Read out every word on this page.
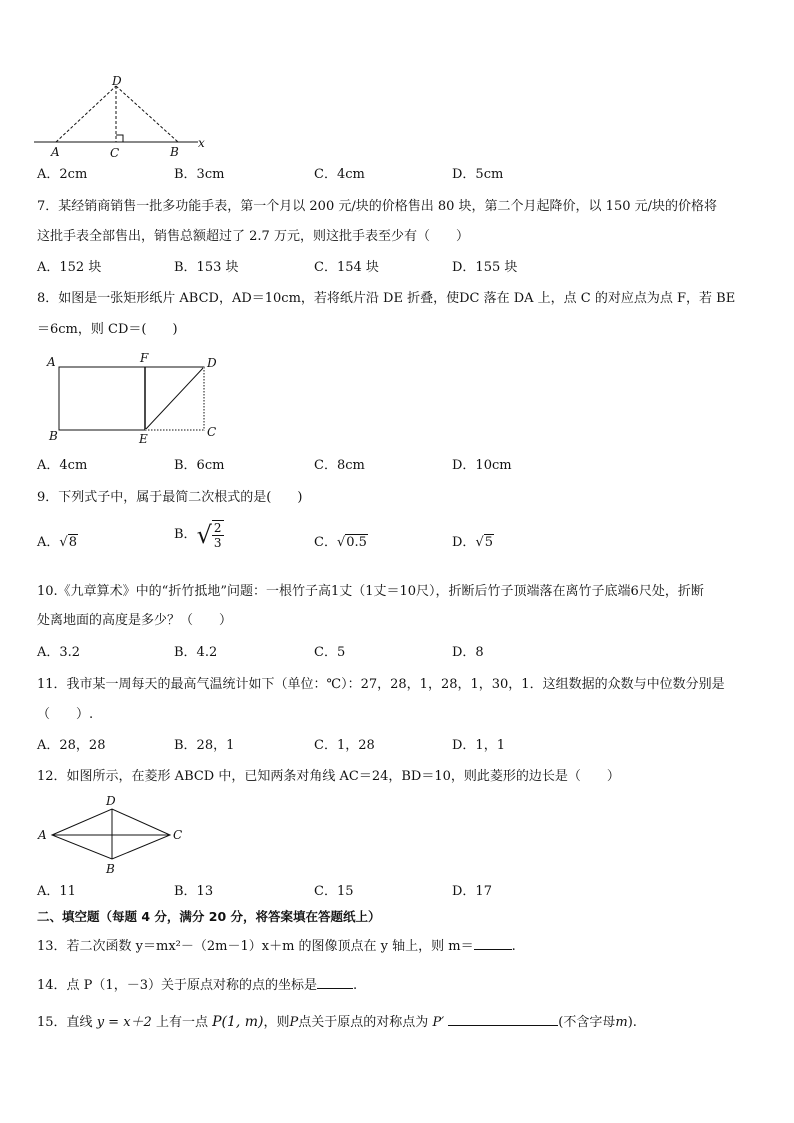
D
A	C	B
x
A．2cm	B．3cm	C．4cm	D．5cm
7．某经销商销售一批多功能手表，第一个月以 200 元/块的价格售出 80 块，第二个月起降价，以 150 元/块的价格将
这批手表全部售出，销售总额超过了 2.7 万元，则这批手表至少有（　　）
A．152 块	B．153 块	C．154 块	D．155 块
8．如图是一张矩形纸片 ABCD，AD＝10cm，若将纸片沿 DE 折叠，使DC 落在 DA 上，点 C 的对应点为点 F，若 BE
＝6cm，则 CD＝(　　)
A	F	D
B	E	C
A．4cm	B．6cm	C．8cm	D．10cm
9．下列式子中，属于最简二次根式的是(　　)
A．√8
B．√ $\frac{2}{3}$	C．√0.5	D．√5
10.《九章算术》中的“折竹抵地”问题：一根竹子高1丈（1丈＝10尺），折断后竹子顶端落在离竹子底端6尺处，折断
处离地面的高度是多少？（　　）
A．3.2	B．4.2	C．5	D．8
11．我市某一周每天的最高气温统计如下（单位：℃）：27，28，1，28，1，30，1．这组数据的众数与中位数分别是
（　　）.
A．28，28	B．28，1	C．1，28	D．1，1
12．如图所示，在菱形 ABCD 中，已知两条对角线 AC＝24，BD＝10，则此菱形的边长是（　　）
D
A	C
B
A．11	B．13	C．15	D．17
二、填空题（每题 4 分，满分 20 分，将答案填在答题纸上）
13．若二次函数 y＝mx²－（2m－1）x＋m 的图像顶点在 y 轴上，则 m＝	.
14．点 P（1，－3）关于原点对称的点的坐标是	.
15．直线 y = x＋2 上有一点 P(1, m)，则P点关于原点的对称点为 P′	(不含字母m).
